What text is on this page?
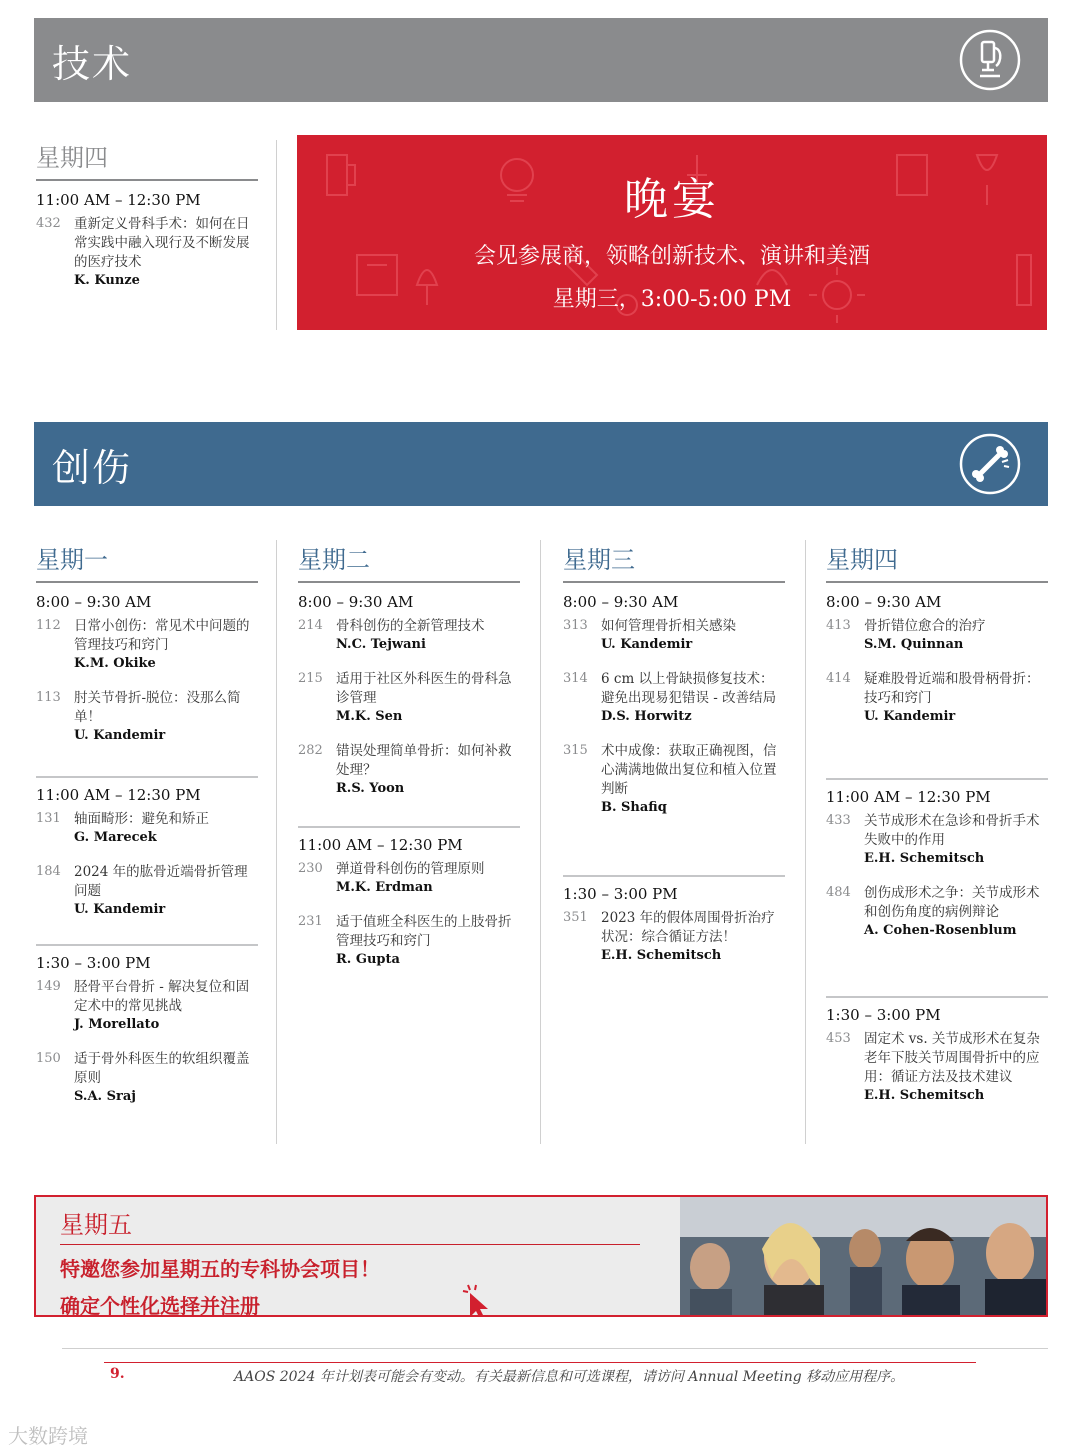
技术
星期四
11:00 AM – 12:30 PM
432 重新定义骨科手术：如何在日常实践中融入现行及不断发展的医疗技术
K. Kunze
晚宴
会见参展商，领略创新技术、演讲和美酒
星期三，3:00-5:00 PM
创伤
星期一
8:00 – 9:30 AM
112 日常小创伤：常见术中问题的管理技巧和窍门
K.M. Okike
113 肘关节骨折-脱位：没那么简单！
U. Kandemir
11:00 AM – 12:30 PM
131 轴面畸形：避免和矫正
G. Marecek
184 2024 年的肱骨近端骨折管理问题
U. Kandemir
1:30 – 3:00 PM
149 胫骨平台骨折 - 解决复位和固定术中的常见挑战
J. Morellato
150 适于骨外科医生的软组织覆盖原则
S.A. Sraj
星期二
8:00 – 9:30 AM
214 骨科创伤的全新管理技术
N.C. Tejwani
215 适用于社区外科医生的骨科急诊管理
M.K. Sen
282 错误处理简单骨折：如何补救处理？
R.S. Yoon
11:00 AM – 12:30 PM
230 弹道骨科创伤的管理原则
M.K. Erdman
231 适于值班全科医生的上肢骨折管理技巧和窍门
R. Gupta
星期三
8:00 – 9:30 AM
313 如何管理骨折相关感染
U. Kandemir
314 6 cm 以上骨缺损修复技术：避免出现易犯错误 - 改善结局
D.S. Horwitz
315 术中成像：获取正确视图，信心满满地做出复位和植入位置判断
B. Shafiq
1:30 – 3:00 PM
351 2023 年的假体周围骨折治疗状况：综合循证方法！
E.H. Schemitsch
星期四
8:00 – 9:30 AM
413 骨折错位愈合的治疗
S.M. Quinnan
414 疑难股骨近端和股骨柄骨折：技巧和窍门
U. Kandemir
11:00 AM – 12:30 PM
433 关节成形术在急诊和骨折手术失败中的作用
E.H. Schemitsch
484 创伤成形术之争：关节成形术和创伤角度的病例辩论
A. Cohen-Rosenblum
1:30 – 3:00 PM
453 固定术 vs. 关节成形术在复杂老年下肢关节周围骨折中的应用：循证方法及技术建议
E.H. Schemitsch
星期五
特邀您参加星期五的专科协会项目！
确定个性化选择并注册
9.	AAOS 2024 年计划表可能会有变动。有关最新信息和可选课程，请访问 Annual Meeting 移动应用程序。
大数跨境
